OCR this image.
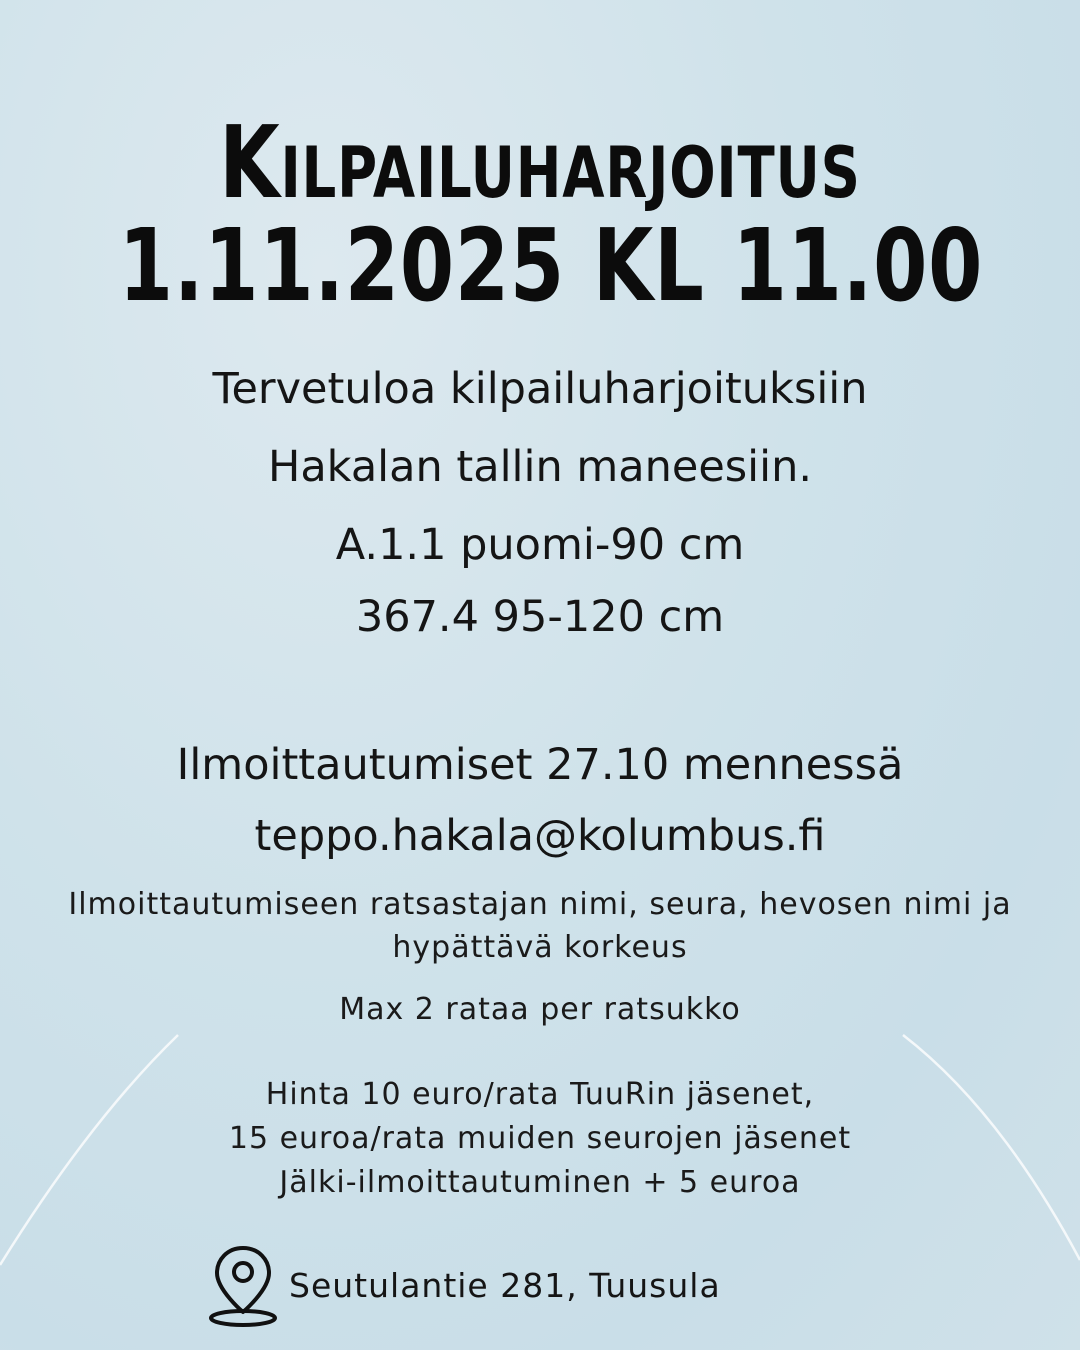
Kilpailuharjoitus
1.11.2025 KL 11.00
Tervetuloa kilpailuharjoituksiin
Hakalan tallin maneesiin.
A.1.1 puomi-90 cm
367.4 95-120 cm
Ilmoittautumiset 27.10 mennessä
teppo.hakala@kolumbus.fi
Ilmoittautumiseen ratsastajan nimi, seura, hevosen nimi ja
hypättävä korkeus
Max 2 rataa per ratsukko
Hinta 10 euro/rata TuuRin jäsenet,
15 euroa/rata muiden seurojen jäsenet
Jälki-ilmoittautuminen + 5 euroa
Seutulantie 281, Tuusula
